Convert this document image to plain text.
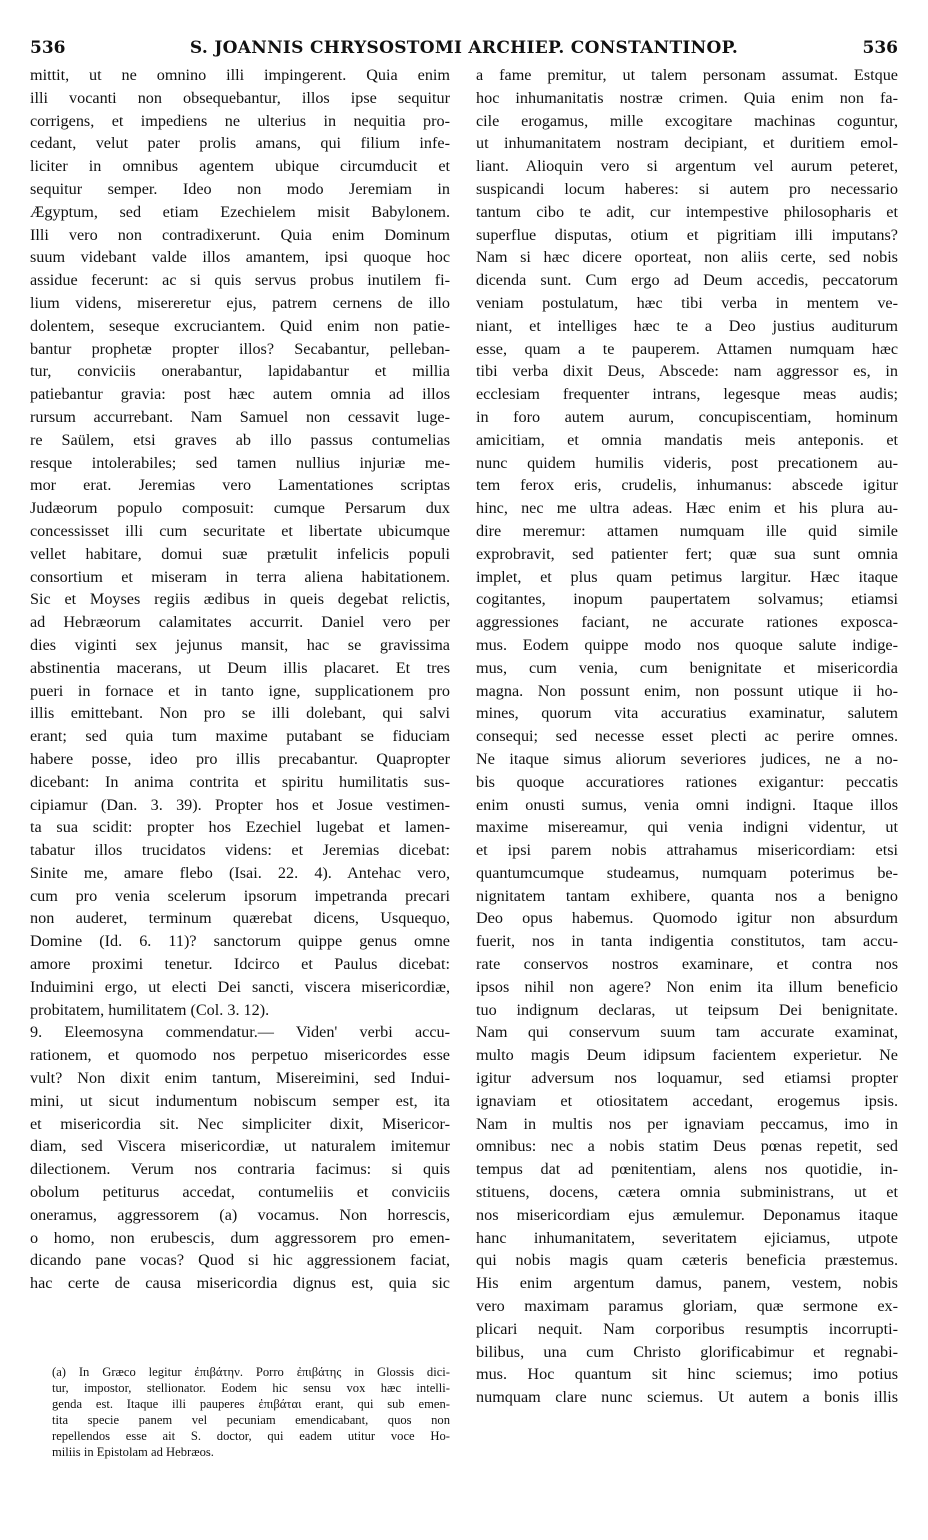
536	S. JOANNIS CHRYSOSTOMI ARCHIEP. CONSTANTINOP.	536
mittit, ut ne omnino illi impingerent. Quia enim
illi vocanti non obsequebantur, illos ipse sequitur
corrigens, et impediens ne ulterius in nequitia pro-
cedant, velut pater prolis amans, qui filium infe-
liciter in omnibus agentem ubique circumducit et
sequitur semper. Ideo non modo Jeremiam in
Ægyptum, sed etiam Ezechielem misit Babylonem.
Illi vero non contradixerunt. Quia enim Dominum
suum videbant valde illos amantem, ipsi quoque hoc
assidue fecerunt: ac si quis servus probus inutilem fi-
lium videns, misereretur ejus, patrem cernens de illo
dolentem, seseque excruciantem. Quid enim non patie-
bantur prophetæ propter illos? Secabantur, pelleban-
tur, conviciis onerabantur, lapidabantur et millia
patiebantur gravia: post hæc autem omnia ad illos
rursum accurrebant. Nam Samuel non cessavit luge-
re Saülem, etsi graves ab illo passus contumelias
resque intolerabiles; sed tamen nullius injuriæ me-
mor erat. Jeremias vero Lamentationes scriptas
Judæorum populo composuit: cumque Persarum dux
concessisset illi cum securitate et libertate ubicumque
vellet habitare, domui suæ prætulit infelicis populi
consortium et miseram in terra aliena habitationem.
Sic et Moyses regiis ædibus in queis degebat relictis,
ad Hebræorum calamitates accurrit. Daniel vero per
dies viginti sex jejunus mansit, hac se gravissima
abstinentia macerans, ut Deum illis placaret. Et tres
pueri in fornace et in tanto igne, supplicationem pro
illis emittebant. Non pro se illi dolebant, qui salvi
erant; sed quia tum maxime putabant se fiduciam
habere posse, ideo pro illis precabantur. Quapropter
dicebant: In anima contrita et spiritu humilitatis sus-
cipiamur (Dan. 3. 39). Propter hos et Josue vestimen-
ta sua scidit: propter hos Ezechiel lugebat et lamen-
tabatur illos trucidatos videns: et Jeremias dicebat:
Sinite me, amare flebo (Isai. 22. 4). Antehac vero,
cum pro venia scelerum ipsorum impetranda precari
non auderet, terminum quærebat dicens, Usquequo,
Domine (Id. 6. 11)? sanctorum quippe genus omne
amore proximi tenetur. Idcirco et Paulus dicebat:
Induimini ergo, ut electi Dei sancti, viscera misericordiæ,
probitatem, humilitatem (Col. 3. 12).
9. Eleemosyna commendatur.— Viden' verbi accu-
rationem, et quomodo nos perpetuo misericordes esse
vult? Non dixit enim tantum, Misereimini, sed Indui-
mini, ut sicut indumentum nobiscum semper est, ita
et misericordia sit. Nec simpliciter dixit, Misericor-
diam, sed Viscera misericordiæ, ut naturalem imitemur
dilectionem. Verum nos contraria facimus: si quis
obolum petiturus accedat, contumeliis et conviciis
oneramus, aggressorem (a) vocamus. Non horrescis,
o homo, non erubescis, dum aggressorem pro emen-
dicando pane vocas? Quod si hic aggressionem faciat,
hac certe de causa misericordia dignus est, quia sic
a fame premitur, ut talem personam assumat. Estque
hoc inhumanitatis nostræ crimen. Quia enim non fa-
cile erogamus, mille excogitare machinas coguntur,
ut inhumanitatem nostram decipiant, et duritiem emol-
liant. Alioquin vero si argentum vel aurum peteret,
suspicandi locum haberes: si autem pro necessario
tantum cibo te adit, cur intempestive philosopharis et
superflue disputas, otium et pigritiam illi imputans?
Nam si hæc dicere oporteat, non aliis certe, sed nobis
dicenda sunt. Cum ergo ad Deum accedis, peccatorum
veniam postulatum, hæc tibi verba in mentem ve-
niant, et intelliges hæc te a Deo justius auditurum
esse, quam a te pauperem. Attamen numquam hæc
tibi verba dixit Deus, Abscede: nam aggressor es, in
ecclesiam frequenter intrans, legesque meas audis;
in foro autem aurum, concupiscentiam, hominum
amicitiam, et omnia mandatis meis anteponis. et
nunc quidem humilis videris, post precationem au-
tem ferox eris, crudelis, inhumanus: abscede igitur
hinc, nec me ultra adeas. Hæc enim et his plura au-
dire meremur: attamen numquam ille quid simile
exprobravit, sed patienter fert; quæ sua sunt omnia
implet, et plus quam petimus largitur. Hæc itaque
cogitantes, inopum paupertatem solvamus; etiamsi
aggressiones faciant, ne accurate rationes exposca-
mus. Eodem quippe modo nos quoque salute indige-
mus, cum venia, cum benignitate et misericordia
magna. Non possunt enim, non possunt utique ii ho-
mines, quorum vita accuratius examinatur, salutem
consequi; sed necesse esset plecti ac perire omnes.
Ne itaque simus aliorum severiores judices, ne a no-
bis quoque accuratiores rationes exigantur: peccatis
enim onusti sumus, venia omni indigni. Itaque illos
maxime misereamur, qui venia indigni videntur, ut
et ipsi parem nobis attrahamus misericordiam: etsi
quantumcumque studeamus, numquam poterimus be-
nignitatem tantam exhibere, quanta nos a benigno
Deo opus habemus. Quomodo igitur non absurdum
fuerit, nos in tanta indigentia constitutos, tam accu-
rate conservos nostros examinare, et contra nos
ipsos nihil non agere? Non enim ita illum beneficio
tuo indignum declaras, ut teipsum Dei benignitate.
Nam qui conservum suum tam accurate examinat,
multo magis Deum idipsum facientem experietur. Ne
igitur adversum nos loquamur, sed etiamsi propter
ignaviam et otiositatem accedant, erogemus ipsis.
Nam in multis nos per ignaviam peccamus, imo in
omnibus: nec a nobis statim Deus pœnas repetit, sed
tempus dat ad pœnitentiam, alens nos quotidie, in-
stituens, docens, cætera omnia subministrans, ut et
nos misericordiam ejus æmulemur. Deponamus itaque
hanc inhumanitatem, severitatem ejiciamus, utpote
qui nobis magis quam cæteris beneficia præstemus.
His enim argentum damus, panem, vestem, nobis
vero maximam paramus gloriam, quæ sermone ex-
plicari nequit. Nam corporibus resumptis incorrupti-
bilibus, una cum Christo glorificabimur et regnabi-
mus. Hoc quantum sit hinc sciemus; imo potius
numquam clare nunc sciemus. Ut autem a bonis illis
(a) In Græco legitur ἐπιβάτην. Porro ἐπιβάτης in Glossis dici-
tur, impostor, stellionator. Eodem hic sensu vox hæc intelli-
genda est. Itaque illi pauperes ἐπιβάται erant, qui sub emen-
tita specie panem vel pecuniam emendicabant, quos non
repellendos esse ait S. doctor, qui eadem utitur voce Ho-
miliis in Epistolam ad Hebræos.
